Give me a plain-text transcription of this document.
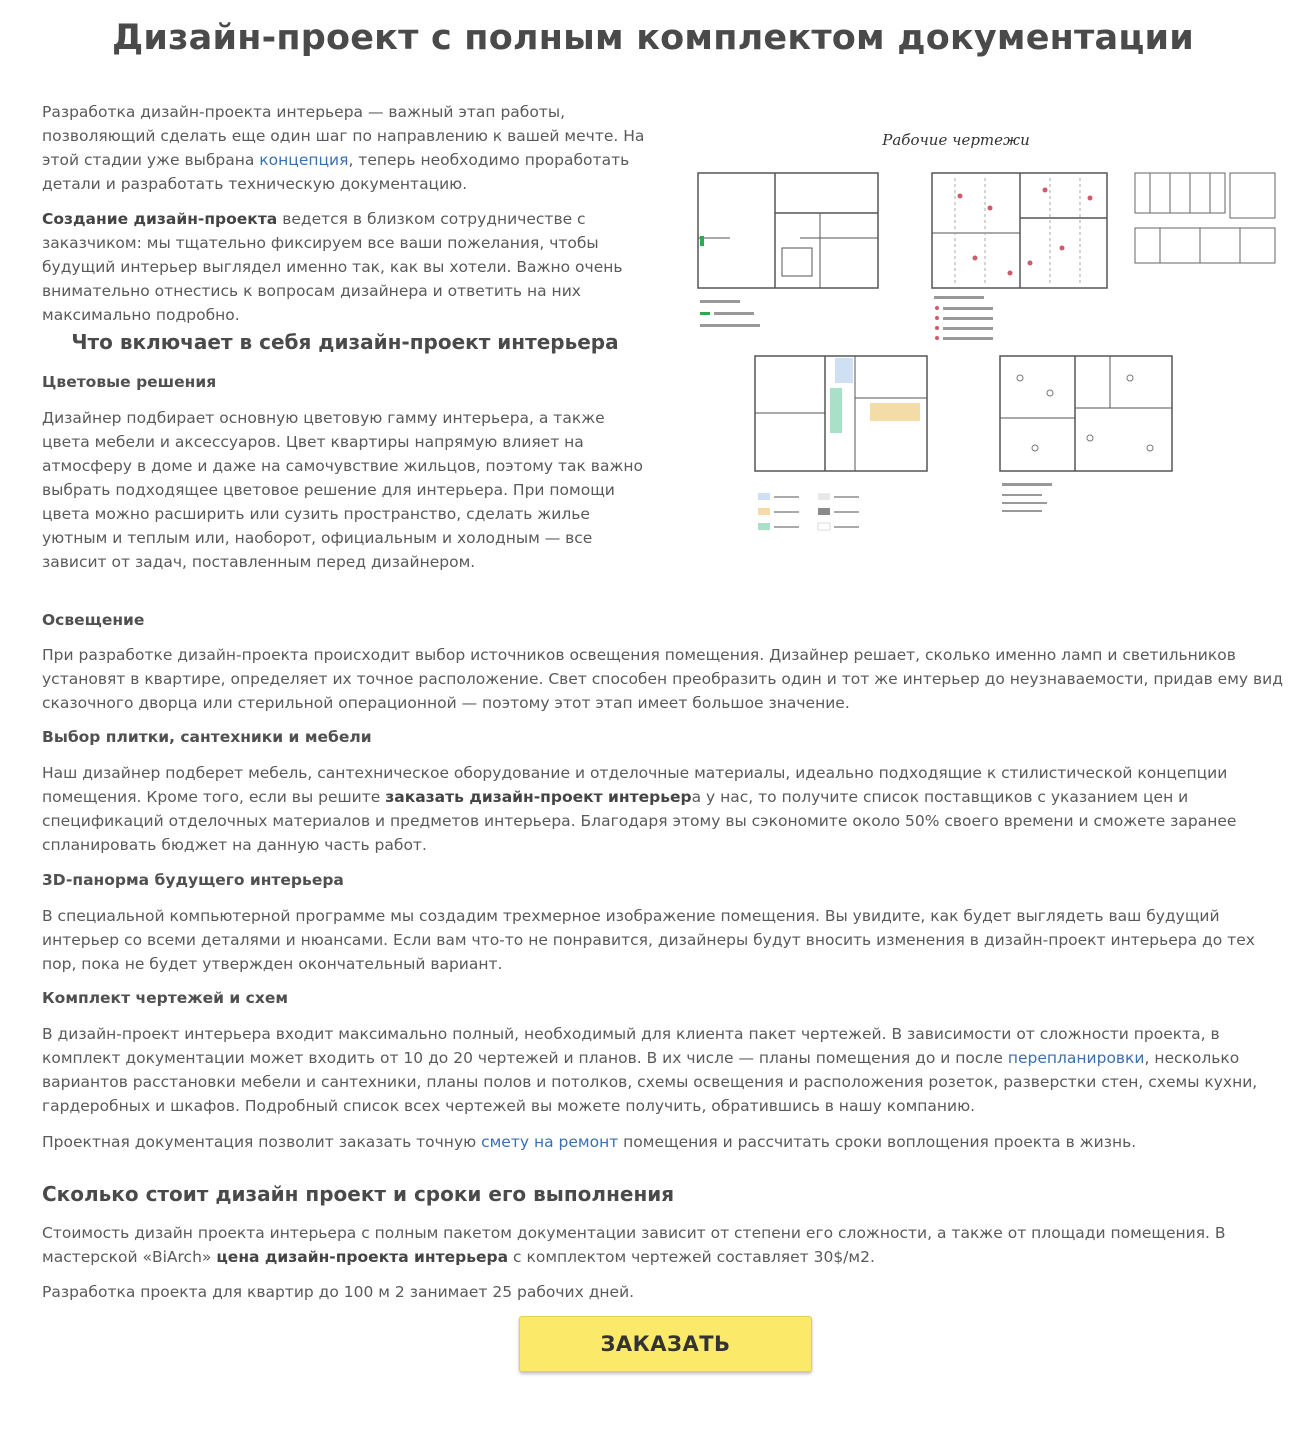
Дизайн-проект с полным комплектом документации

Разработка дизайн-проекта интерьера — важный этап работы, позволяющий сделать еще один шаг по направлению к вашей мечте. На этой стадии уже выбрана концепция, теперь необходимо проработать детали и разработать техническую документацию.

Создание дизайн-проекта ведется в близком сотрудничестве с заказчиком: мы тщательно фиксируем все ваши пожелания, чтобы будущий интерьер выглядел именно так, как вы хотели. Важно очень внимательно отнестись к вопросам дизайнера и ответить на них максимально подробно.

Что включает в себя дизайн-проект интерьера
Цветовые решения

Дизайнер подбирает основную цветовую гамму интерьера, а также цвета мебели и аксессуаров. Цвет квартиры напрямую влияет на атмосферу в доме и даже на самочувствие жильцов, поэтому так важно выбрать подходящее цветовое решение для интерьера. При помощи цвета можно расширить или сузить пространство, сделать жилье уютным и теплым или, наоборот, официальным и холодным — все зависит от задач, поставленным перед дизайнером.

Рабочие чертежи
Освещение

При разработке дизайн-проекта происходит выбор источников освещения помещения. Дизайнер решает, сколько именно ламп и светильников установят в квартире, определяет их точное расположение. Свет способен преобразить один и тот же интерьер до неузнаваемости, придав ему вид сказочного дворца или стерильной операционной — поэтому этот этап имеет большое значение.

Выбор плитки, сантехники и мебели

Наш дизайнер подберет мебель, сантехническое оборудование и отделочные материалы, идеально подходящие к стилистической концепции помещения. Кроме того, если вы решите заказать дизайн-проект интерьера у нас, то получите список поставщиков с указанием цен и спецификаций отделочных материалов и предметов интерьера. Благодаря этому вы сэкономите около 50% своего времени и сможете заранее спланировать бюджет на данную часть работ.

3D-панорма будущего интерьера

В специальной компьютерной программе мы создадим трехмерное изображение помещения. Вы увидите, как будет выглядеть ваш будущий интерьер со всеми деталями и нюансами. Если вам что-то не понравится, дизайнеры будут вносить изменения в дизайн-проект интерьера до тех пор, пока не будет утвержден окончательный вариант.

Комплект чертежей и схем

В дизайн-проект интерьера входит максимально полный, необходимый для клиента пакет чертежей. В зависимости от сложности проекта, в комплект документации может входить от 10 до 20 чертежей и планов. В их числе — планы помещения до и после перепланировки, несколько вариантов расстановки мебели и сантехники, планы полов и потолков, схемы освещения и расположения розеток, разверстки стен, схемы кухни, гардеробных и шкафов. Подробный список всех чертежей вы можете получить, обратившись в нашу компанию.

Проектная документация позволит заказать точную смету на ремонт помещения и рассчитать сроки воплощения проекта в жизнь.

Сколько стоит дизайн проект и сроки его выполнения

Стоимость дизайн проекта интерьера с полным пакетом документации зависит от степени его сложности, а также от площади помещения. В мастерской «BiArch» цена дизайн-проекта интерьера с комплектом чертежей составляет 30$/м2.

Разработка проекта для квартир до 100 м 2 занимает 25 рабочих дней.

ЗАКАЗАТЬ
